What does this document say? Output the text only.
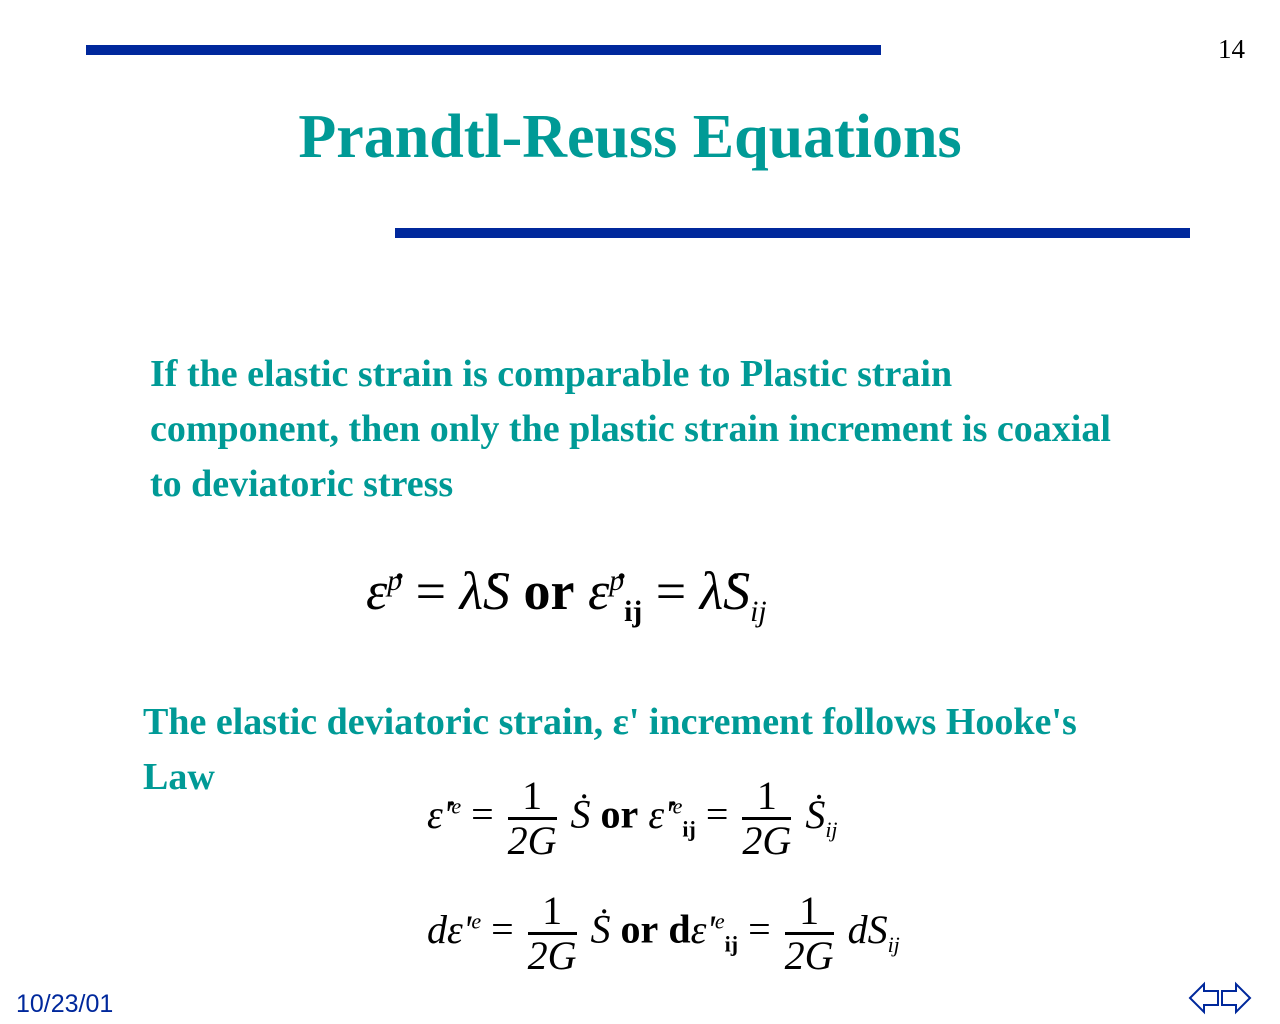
14
Prandtl-Reuss Equations
If the elastic strain is comparable to Plastic strain component, then only the plastic strain increment is coaxial to deviatoric stress
ε̇$^p$ = λ̇S or ε̇$^p_{ij}$ = $\lambdȧS_{ij}$
The elastic deviatoric strain, ε' increment follows Hooke's Law
$\varepsiloṅ'^e = \frac{1}{2G}$ Ṡ or $\varepsiloṅ'^e_{ij} = \frac{1}{2G}$ Ṡ$_{ij}$
$d\varepsilon'^e = \frac{1}{2G}$ Ṡ or $d\varepsilon'^e_{ij} = \frac{1}{2G} dS_{ij}$
10/23/01
